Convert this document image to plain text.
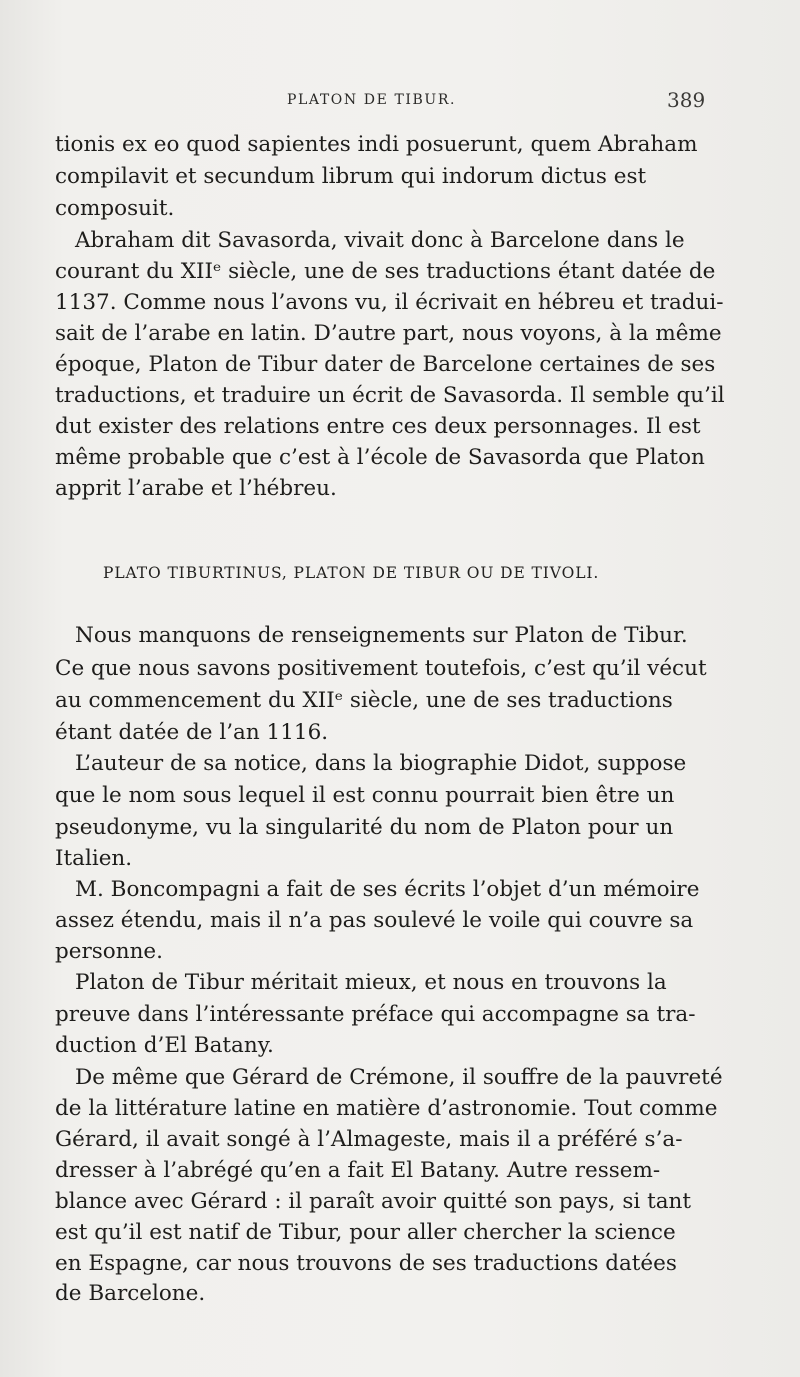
PLATON DE TIBUR.	389
tionis ex eo quod sapientes indi posuerunt, quem Abraham
compilavit et secundum librum qui indorum dictus est
composuit.
Abraham dit Savasorda, vivait donc à Barcelone dans le
courant du XIIᵉ siècle, une de ses traductions étant datée de
1137. Comme nous l’avons vu, il écrivait en hébreu et tradui-
sait de l’arabe en latin. D’autre part, nous voyons, à la même
époque, Platon de Tibur dater de Barcelone certaines de ses
traductions, et traduire un écrit de Savasorda. Il semble qu’il
dut exister des relations entre ces deux personnages. Il est
même probable que c’est à l’école de Savasorda que Platon
apprit l’arabe et l’hébreu.
PLATO TIBURTINUS, PLATON DE TIBUR OU DE TIVOLI.
Nous manquons de renseignements sur Platon de Tibur.
Ce que nous savons positivement toutefois, c’est qu’il vécut
au commencement du XIIᵉ siècle, une de ses traductions
étant datée de l’an 1116.
L’auteur de sa notice, dans la biographie Didot, suppose
que le nom sous lequel il est connu pourrait bien être un
pseudonyme, vu la singularité du nom de Platon pour un
Italien.
M. Boncompagni a fait de ses écrits l’objet d’un mémoire
assez étendu, mais il n’a pas soulevé le voile qui couvre sa
personne.
Platon de Tibur méritait mieux, et nous en trouvons la
preuve dans l’intéressante préface qui accompagne sa tra-
duction d’El Batany.
De même que Gérard de Crémone, il souffre de la pauvreté
de la littérature latine en matière d’astronomie. Tout comme
Gérard, il avait songé à l’Almageste, mais il a préféré s’a-
dresser à l’abrégé qu’en a fait El Batany. Autre ressem-
blance avec Gérard : il paraît avoir quitté son pays, si tant
est qu’il est natif de Tibur, pour aller chercher la science
en Espagne, car nous trouvons de ses traductions datées
de Barcelone.
